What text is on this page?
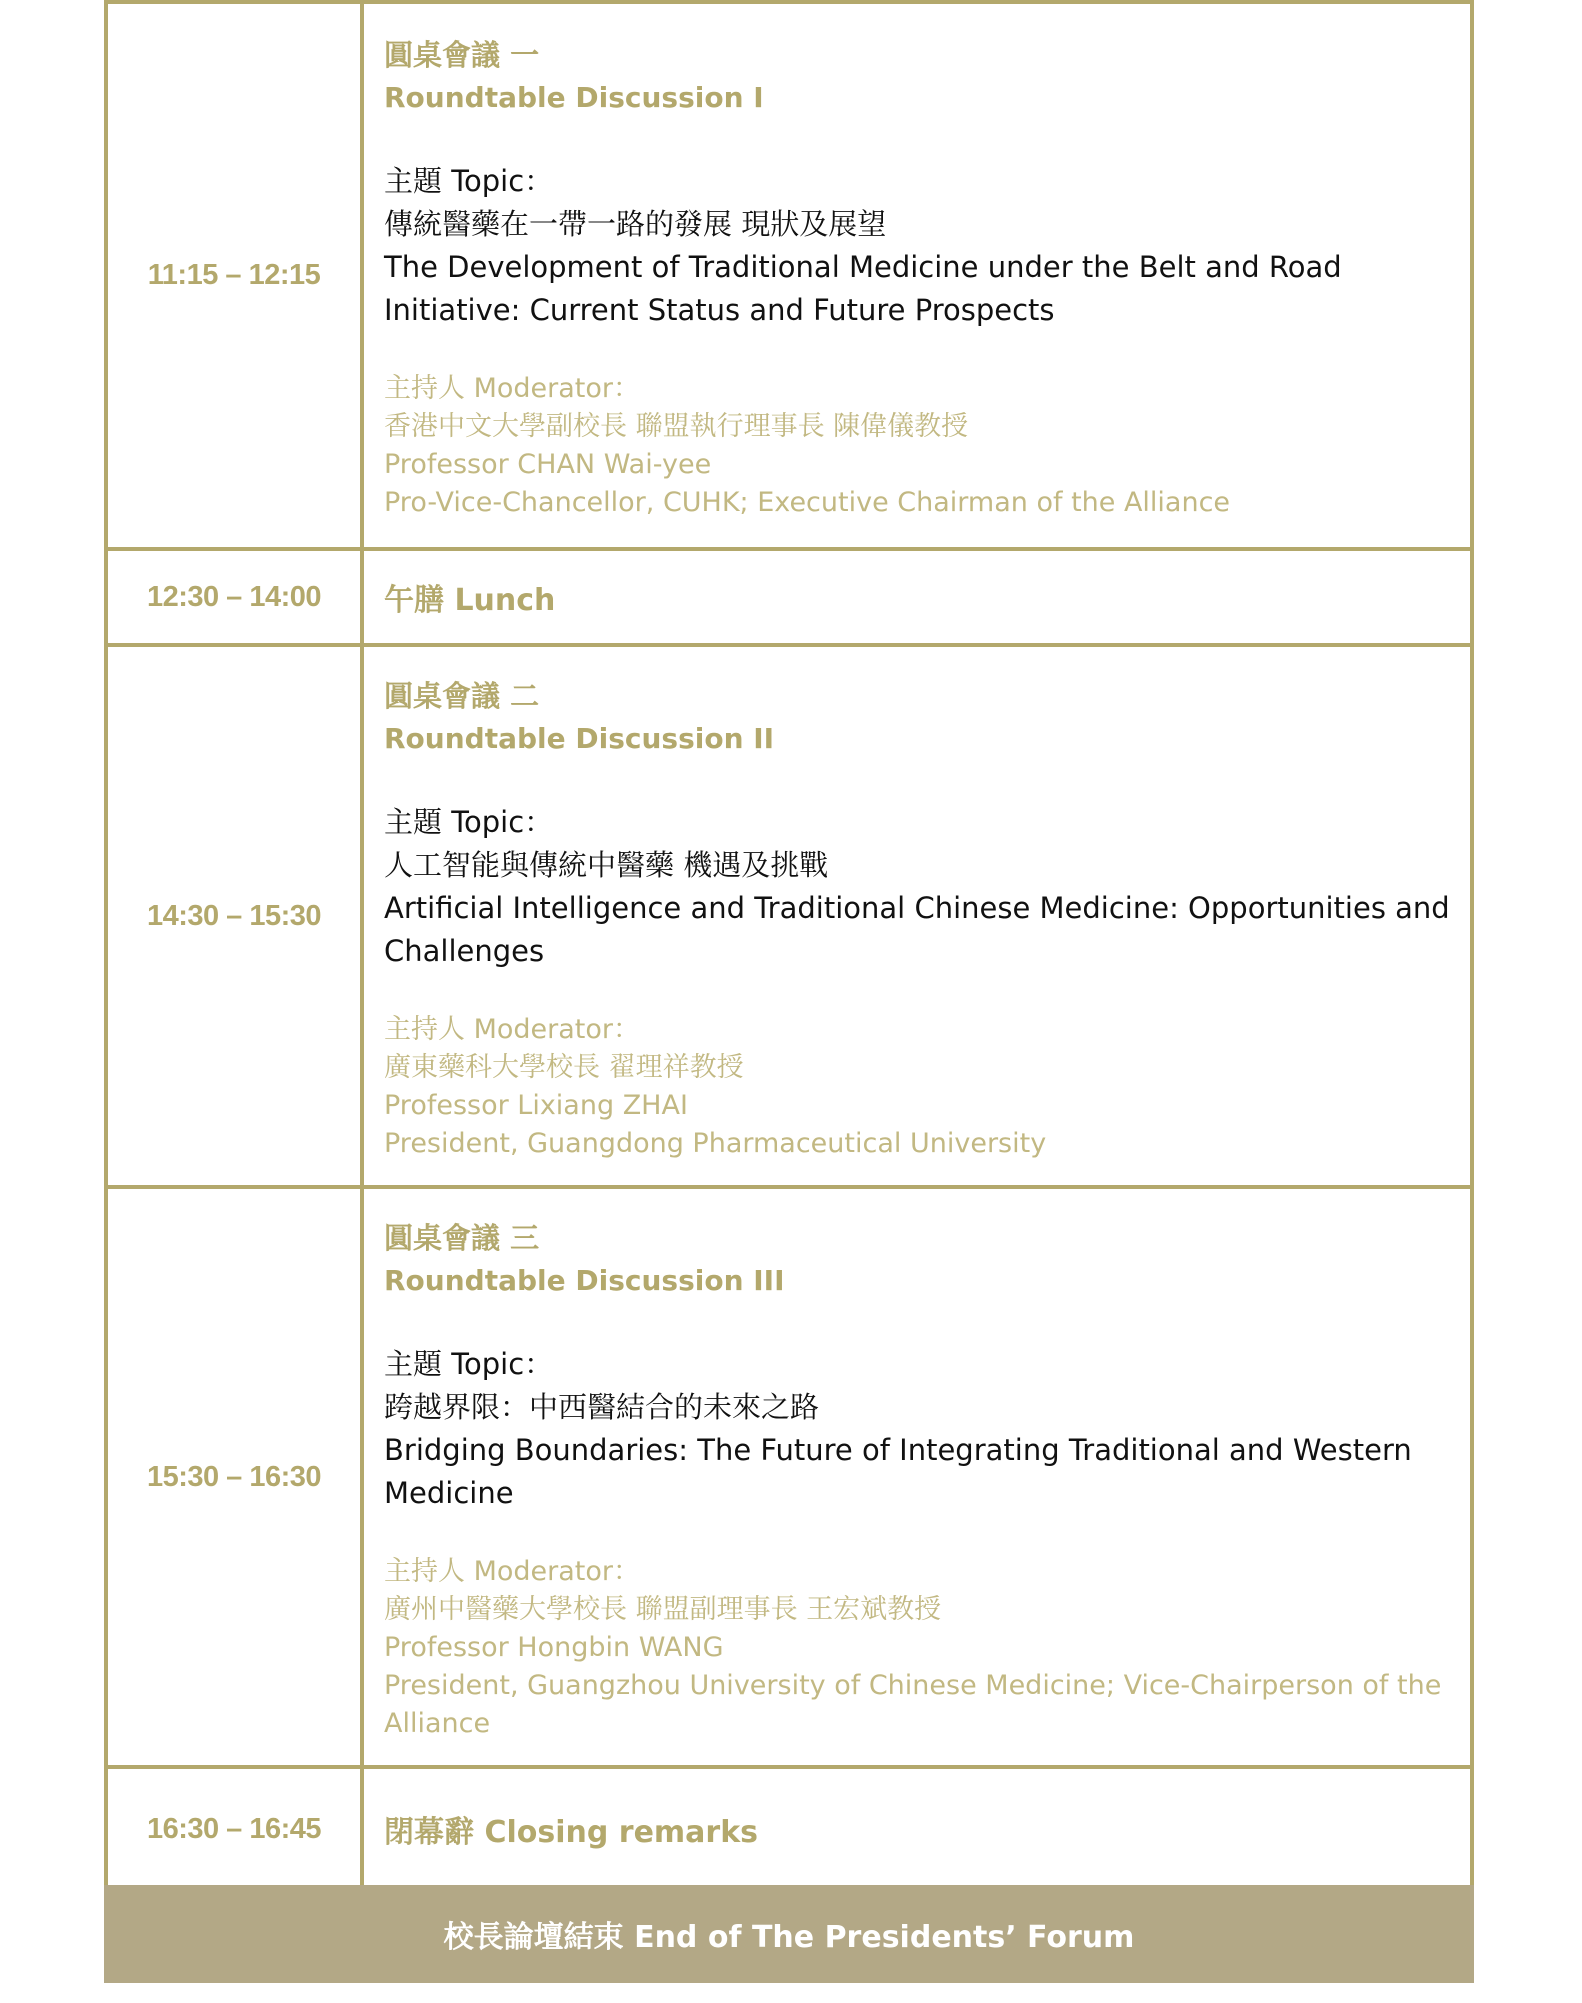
11:15 – 12:15
圓桌會議 一
Roundtable Discussion I
主題 Topic：
傳統醫藥在一帶一路的發展 現狀及展望
The Development of Traditional Medicine under the Belt and Road
Initiative: Current Status and Future Prospects
主持人 Moderator：
香港中文大學副校長 聯盟執行理事長 陳偉儀教授
Professor CHAN Wai-yee
Pro-Vice-Chancellor, CUHK; Executive Chairman of the Alliance
12:30 – 14:00	午膳 Lunch
14:30 – 15:30
圓桌會議 二
Roundtable Discussion II
主題 Topic：
人工智能與傳統中醫藥 機遇及挑戰
Artificial Intelligence and Traditional Chinese Medicine: Opportunities and
Challenges
主持人 Moderator：
廣東藥科大學校長 翟理祥教授
Professor Lixiang ZHAI
President, Guangdong Pharmaceutical University
15:30 – 16:30
圓桌會議 三
Roundtable Discussion III
主題 Topic：
跨越界限：中西醫結合的未來之路
Bridging Boundaries: The Future of Integrating Traditional and Western
Medicine
主持人 Moderator：
廣州中醫藥大學校長 聯盟副理事長 王宏斌教授
Professor Hongbin WANG
President, Guangzhou University of Chinese Medicine; Vice-Chairperson of the
Alliance
16:30 – 16:45	閉幕辭 Closing remarks
校長論壇結束 End of The Presidents’ Forum
